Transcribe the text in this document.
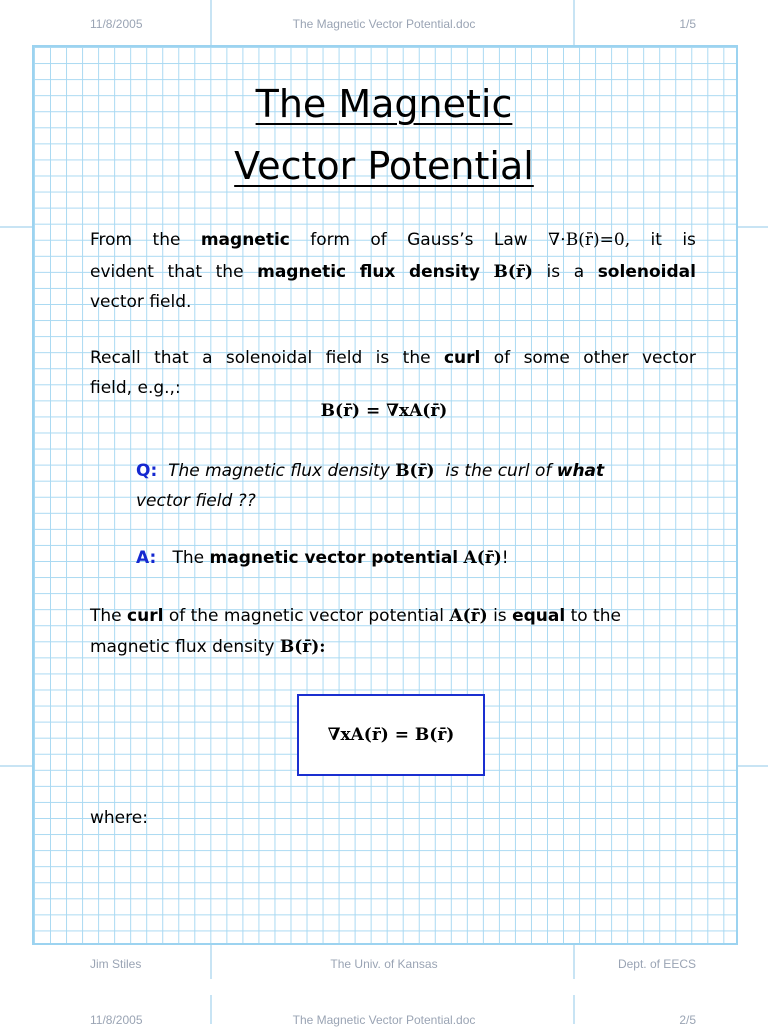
11/8/2005	The Magnetic Vector Potential.doc	1/5
The Magnetic
Vector Potential
From the magnetic form of Gauss’s Law ∇⋅B(r̄)=0, it is
evident that the magnetic flux density B(r̄) is a solenoidal
vector field.
Recall that a solenoidal field is the curl of some other vector
field, e.g.,:
B(r̄) = ∇xA(r̄)
Q: The magnetic flux density B(r̄) is the curl of what
vector field ??
A: The magnetic vector potential A(r̄)!
The curl of the magnetic vector potential A(r̄) is equal to the
magnetic flux density B(r̄):
∇xA(r̄) = B(r̄)
where:
Jim Stiles	The Univ. of Kansas	Dept. of EECS
11/8/2005	The Magnetic Vector Potential.doc	2/5
